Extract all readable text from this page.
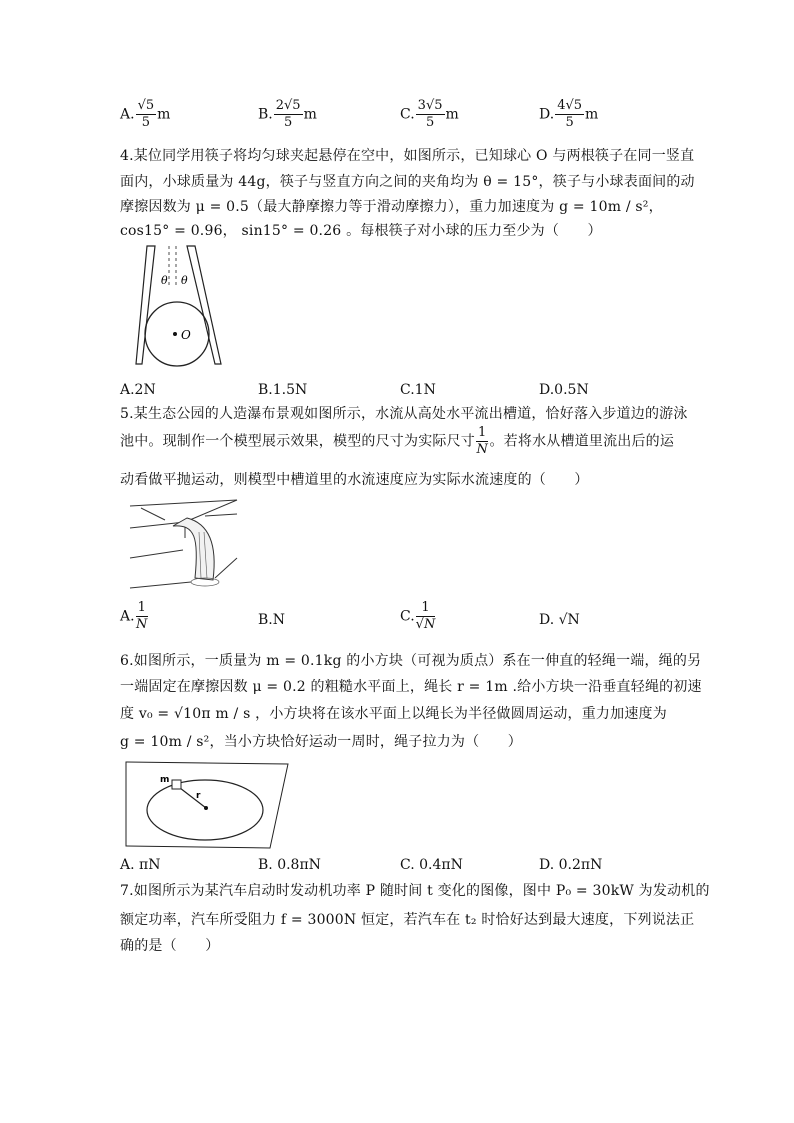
A. $\frac{√5}{5}$ m	B. $\frac{2√5}{5}$ m	C. $\frac{3√5}{5}$ m	D. $\frac{4√5}{5}$ m
4.某位同学用筷子将均匀球夹起悬停在空中，如图所示，已知球心 O 与两根筷子在同一竖直
面内，小球质量为 44g，筷子与竖直方向之间的夹角均为 θ = 15°，筷子与小球表面间的动
摩擦因数为 μ = 0.5（最大静摩擦力等于滑动摩擦力），重力加速度为 g = 10m / s²，
cos15° = 0.96， sin15° = 0.26 。每根筷子对小球的压力至少为（　　）
θ θ
O
A.2N	B.1.5N	C.1N	D.0.5N
5.某生态公园的人造瀑布景观如图所示，水流从高处水平流出槽道，恰好落入步道边的游泳
池中。现制作一个模型展示效果，模型的尺寸为实际尺寸 $\frac{1}{N}$ 。若将水从槽道里流出后的运
动看做平抛运动，则模型中槽道里的水流速度应为实际水流速度的（　　）
A. $\frac{1}{N}$	B.N	C. $\frac{1}{√N}$	D. √N
6.如图所示，一质量为 m = 0.1kg 的小方块（可视为质点）系在一伸直的轻绳一端，绳的另
一端固定在摩擦因数 μ = 0.2 的粗糙水平面上，绳长 r = 1m .给小方块一沿垂直轻绳的初速
度 v₀ = √10π m / s ，小方块将在该水平面上以绳长为半径做圆周运动，重力加速度为
g = 10m / s²，当小方块恰好运动一周时，绳子拉力为（　　）
m
r
A. πN	B. 0.8πN	C. 0.4πN	D. 0.2πN
7.如图所示为某汽车启动时发动机功率 P 随时间 t 变化的图像，图中 P₀ = 30kW 为发动机的
额定功率，汽车所受阻力 f = 3000N 恒定，若汽车在 t₂ 时恰好达到最大速度，下列说法正
确的是（　　）
